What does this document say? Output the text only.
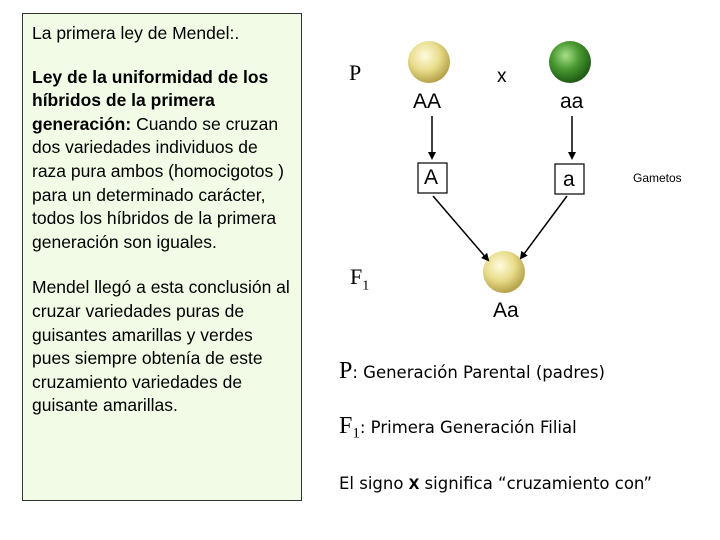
La primera ley de Mendel:.

Ley de la uniformidad de los híbridos de la primera generación: Cuando se cruzan dos variedades individuos de raza pura ambos (homocigotos ) para un determinado carácter, todos los híbridos de la primera generación son iguales.

Mendel llegó a esta conclusión al cruzar variedades puras de guisantes amarillas y verdes pues siempre obtenía de este cruzamiento variedades de guisante amarillas.

P	x
AA	aa
A	a	Gametos
$F_1$
Aa
P: Generación Parental (padres)
$F_1$: Primera Generación Filial
El signo x significa “cruzamiento con”
